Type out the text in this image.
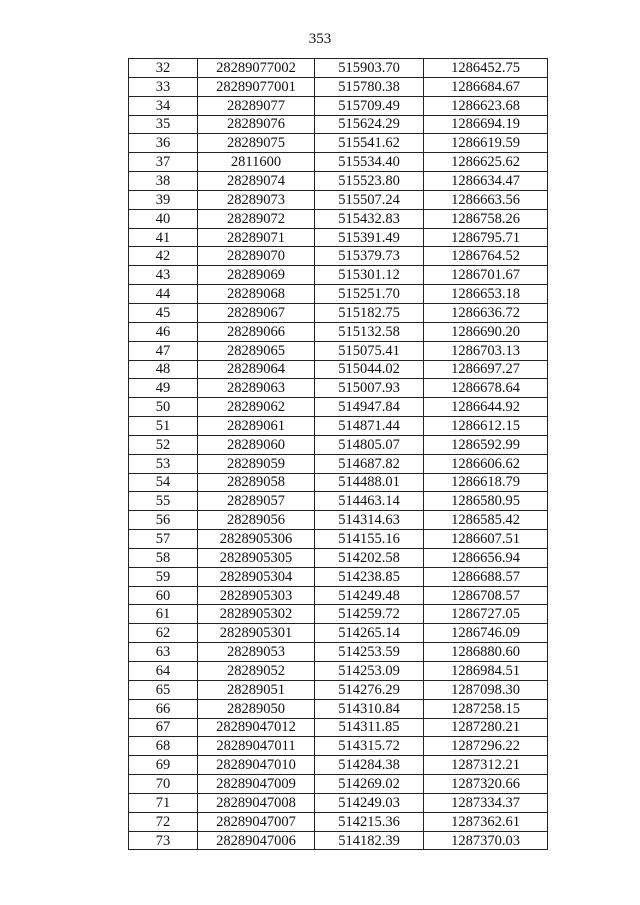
353
32	28289077002	515903.70	1286452.75
33	28289077001	515780.38	1286684.67
34	28289077	515709.49	1286623.68
35	28289076	515624.29	1286694.19
36	28289075	515541.62	1286619.59
37	2811600	515534.40	1286625.62
38	28289074	515523.80	1286634.47
39	28289073	515507.24	1286663.56
40	28289072	515432.83	1286758.26
41	28289071	515391.49	1286795.71
42	28289070	515379.73	1286764.52
43	28289069	515301.12	1286701.67
44	28289068	515251.70	1286653.18
45	28289067	515182.75	1286636.72
46	28289066	515132.58	1286690.20
47	28289065	515075.41	1286703.13
48	28289064	515044.02	1286697.27
49	28289063	515007.93	1286678.64
50	28289062	514947.84	1286644.92
51	28289061	514871.44	1286612.15
52	28289060	514805.07	1286592.99
53	28289059	514687.82	1286606.62
54	28289058	514488.01	1286618.79
55	28289057	514463.14	1286580.95
56	28289056	514314.63	1286585.42
57	2828905306	514155.16	1286607.51
58	2828905305	514202.58	1286656.94
59	2828905304	514238.85	1286688.57
60	2828905303	514249.48	1286708.57
61	2828905302	514259.72	1286727.05
62	2828905301	514265.14	1286746.09
63	28289053	514253.59	1286880.60
64	28289052	514253.09	1286984.51
65	28289051	514276.29	1287098.30
66	28289050	514310.84	1287258.15
67	28289047012	514311.85	1287280.21
68	28289047011	514315.72	1287296.22
69	28289047010	514284.38	1287312.21
70	28289047009	514269.02	1287320.66
71	28289047008	514249.03	1287334.37
72	28289047007	514215.36	1287362.61
73	28289047006	514182.39	1287370.03
